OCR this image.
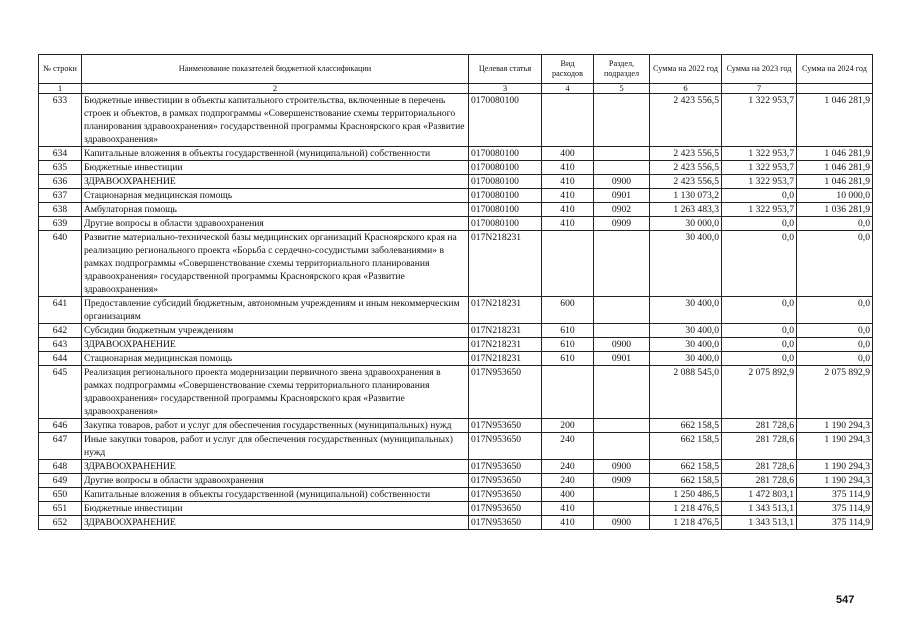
№ строки	Наименование показателей бюджетной классификации	Целевая статья	Вид расходов	Раздел, подраздел	Сумма на 2022 год	Сумма на 2023 год	Сумма на 2024 год
1	2	3	4	5	6	7	
633	Бюджетные инвестиции в объекты капитального строительства, включенные в перечень строек и объектов, в рамках подпрограммы «Совершенствование схемы территориального планирования здравоохранения» государственной программы Красноярского края «Развитие здравоохранения»	0170080100			2 423 556,5	1 322 953,7	1 046 281,9
634	Капитальные вложения в объекты государственной (муниципальной) собственности	0170080100	400		2 423 556,5	1 322 953,7	1 046 281,9
635	Бюджетные инвестиции	0170080100	410		2 423 556,5	1 322 953,7	1 046 281,9
636	ЗДРАВООХРАНЕНИЕ	0170080100	410	0900	2 423 556,5	1 322 953,7	1 046 281,9
637	Стационарная медицинская помощь	0170080100	410	0901	1 130 073,2	0,0	10 000,0
638	Амбулаторная помощь	0170080100	410	0902	1 263 483,3	1 322 953,7	1 036 281,9
639	Другие вопросы в области здравоохранения	0170080100	410	0909	30 000,0	0,0	0,0
640	Развитие материально-технической базы медицинских организаций Красноярского края на реализацию регионального проекта «Борьба с сердечно-сосудистыми заболеваниями» в рамках подпрограммы «Совершенствование схемы территориального планирования здравоохранения» государственной программы Красноярского края «Развитие здравоохранения»	017N218231			30 400,0	0,0	0,0
641	Предоставление субсидий бюджетным, автономным учреждениям и иным некоммерческим организациям	017N218231	600		30 400,0	0,0	0,0
642	Субсидии бюджетным учреждениям	017N218231	610		30 400,0	0,0	0,0
643	ЗДРАВООХРАНЕНИЕ	017N218231	610	0900	30 400,0	0,0	0,0
644	Стационарная медицинская помощь	017N218231	610	0901	30 400,0	0,0	0,0
645	Реализация регионального проекта модернизации первичного звена здравоохранения в рамках подпрограммы «Совершенствование схемы территориального планирования здравоохранения» государственной программы Красноярского края «Развитие здравоохранения»	017N953650			2 088 545,0	2 075 892,9	2 075 892,9
646	Закупка товаров, работ и услуг для обеспечения государственных (муниципальных) нужд	017N953650	200		662 158,5	281 728,6	1 190 294,3
647	Иные закупки товаров, работ и услуг для обеспечения государственных (муниципальных) нужд	017N953650	240		662 158,5	281 728,6	1 190 294,3
648	ЗДРАВООХРАНЕНИЕ	017N953650	240	0900	662 158,5	281 728,6	1 190 294,3
649	Другие вопросы в области здравоохранения	017N953650	240	0909	662 158,5	281 728,6	1 190 294,3
650	Капитальные вложения в объекты государственной (муниципальной) собственности	017N953650	400		1 250 486,5	1 472 803,1	375 114,9
651	Бюджетные инвестиции	017N953650	410		1 218 476,5	1 343 513,1	375 114,9
652	ЗДРАВООХРАНЕНИЕ	017N953650	410	0900	1 218 476,5	1 343 513,1	375 114,9
547
